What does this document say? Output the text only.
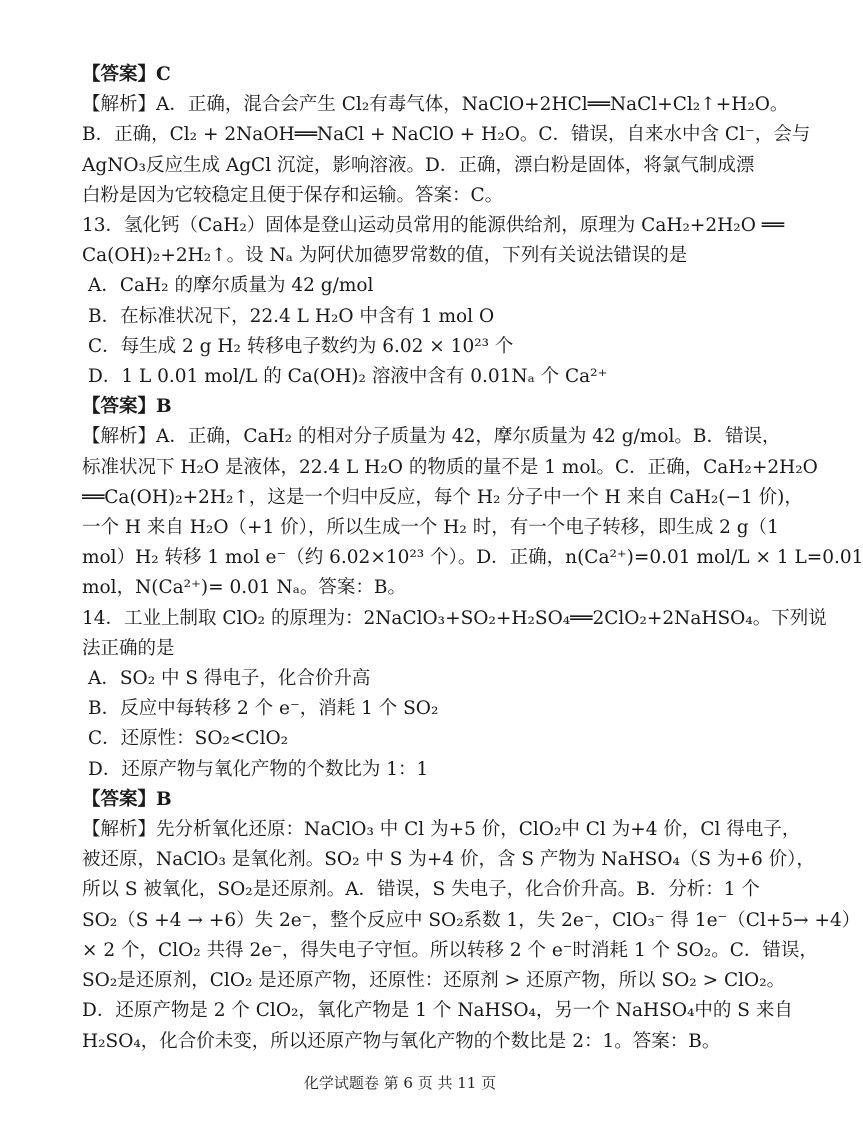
【答案】C
【解析】A．正确，混合会产生 Cl₂有毒气体，NaClO+2HCl══NaCl+Cl₂↑+H₂O。
B．正确，Cl₂ + 2NaOH══NaCl + NaClO + H₂O。C．错误，自来水中含 Cl⁻，会与
AgNO₃反应生成 AgCl 沉淀，影响溶液。D．正确，漂白粉是固体，将氯气制成漂
白粉是因为它较稳定且便于保存和运输。答案：C。
13．氢化钙（CaH₂）固体是登山运动员常用的能源供给剂，原理为 CaH₂+2H₂O ══
Ca(OH)₂+2H₂↑。设 Nₐ 为阿伏加德罗常数的值，下列有关说法错误的是
A．CaH₂ 的摩尔质量为 42 g/mol
B．在标准状况下，22.4 L H₂O 中含有 1 mol O
C．每生成 2 g H₂ 转移电子数约为 6.02 × 10²³ 个
D．1 L 0.01 mol/L 的 Ca(OH)₂ 溶液中含有 0.01Nₐ 个 Ca²⁺
【答案】B
【解析】A．正确，CaH₂ 的相对分子质量为 42，摩尔质量为 42 g/mol。B．错误，
标准状况下 H₂O 是液体，22.4 L H₂O 的物质的量不是 1 mol。C．正确，CaH₂+2H₂O
══Ca(OH)₂+2H₂↑，这是一个归中反应，每个 H₂ 分子中一个 H 来自 CaH₂(−1 价)，
一个 H 来自 H₂O（+1 价），所以生成一个 H₂ 时，有一个电子转移，即生成 2 g（1
mol）H₂ 转移 1 mol e⁻（约 6.02×10²³ 个）。D．正确，n(Ca²⁺)=0.01 mol/L × 1 L=0.01
mol，N(Ca²⁺)= 0.01 Nₐ。答案：B。
14．工业上制取 ClO₂ 的原理为：2NaClO₃+SO₂+H₂SO₄══2ClO₂+2NaHSO₄。下列说
法正确的是
A．SO₂ 中 S 得电子，化合价升高
B．反应中每转移 2 个 e⁻，消耗 1 个 SO₂
C．还原性：SO₂<ClO₂
D．还原产物与氧化产物的个数比为 1：1
【答案】B
【解析】先分析氧化还原：NaClO₃ 中 Cl 为+5 价，ClO₂中 Cl 为+4 价，Cl 得电子，
被还原，NaClO₃ 是氧化剂。SO₂ 中 S 为+4 价，含 S 产物为 NaHSO₄（S 为+6 价），
所以 S 被氧化，SO₂是还原剂。A．错误，S 失电子，化合价升高。B．分析：1 个
SO₂（S +4 → +6）失 2e⁻，整个反应中 SO₂系数 1，失 2e⁻，ClO₃⁻ 得 1e⁻（Cl+5→ +4）
× 2 个，ClO₂ 共得 2e⁻，得失电子守恒。所以转移 2 个 e⁻时消耗 1 个 SO₂。C．错误，
SO₂是还原剂，ClO₂ 是还原产物，还原性：还原剂 > 还原产物，所以 SO₂ > ClO₂。
D．还原产物是 2 个 ClO₂，氧化产物是 1 个 NaHSO₄，另一个 NaHSO₄中的 S 来自
H₂SO₄，化合价未变，所以还原产物与氧化产物的个数比是 2：1。答案：B。
化学试题卷 第 6 页 共 11 页
